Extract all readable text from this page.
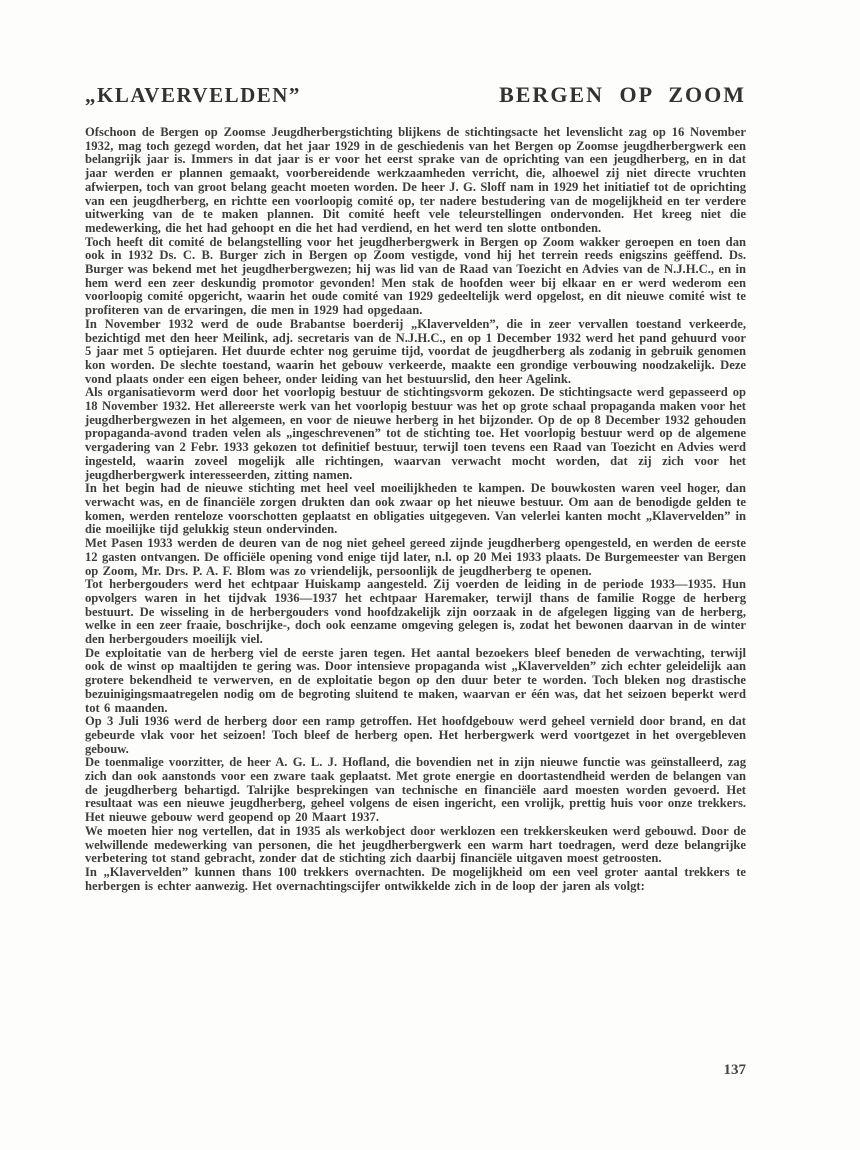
„KLAVERVELDEN”	BERGEN OP ZOOM

Ofschoon de Bergen op Zoomse Jeugdherbergstichting blijkens de stichtingsacte het levenslicht zag op 16 November 1932, mag toch gezegd worden, dat het jaar 1929 in de geschiedenis van het Bergen op Zoomse jeugdherbergwerk een belangrijk jaar is. Immers in dat jaar is er voor het eerst sprake van de oprichting van een jeugdherberg, en in dat jaar werden er plannen gemaakt, voorbereidende werkzaamheden verricht, die, alhoewel zij niet directe vruchten afwierpen, toch van groot belang geacht moeten worden. De heer J. G. Sloff nam in 1929 het initiatief tot de oprichting van een jeugdherberg, en richtte een voorloopig comité op, ter nadere bestudering van de mogelijkheid en ter verdere uitwerking van de te maken plannen. Dit comité heeft vele teleurstellingen ondervonden. Het kreeg niet die medewerking, die het had gehoopt en die het had verdiend, en het werd ten slotte ontbonden.

Toch heeft dit comité de belangstelling voor het jeugdherbergwerk in Bergen op Zoom wakker geroepen en toen dan ook in 1932 Ds. C. B. Burger zich in Bergen op Zoom vestigde, vond hij het terrein reeds enigszins geëffend. Ds. Burger was bekend met het jeugdherbergwezen; hij was lid van de Raad van Toezicht en Advies van de N.J.H.C., en in hem werd een zeer deskundig promotor gevonden! Men stak de hoofden weer bij elkaar en er werd wederom een voorloopig comité opgericht, waarin het oude comité van 1929 gedeeltelijk werd opgelost, en dit nieuwe comité wist te profiteren van de ervaringen, die men in 1929 had opgedaan.

In November 1932 werd de oude Brabantse boerderij „Klavervelden”, die in zeer vervallen toestand verkeerde, bezichtigd met den heer Meilink, adj. secretaris van de N.J.H.C., en op 1 December 1932 werd het pand gehuurd voor 5 jaar met 5 optiejaren. Het duurde echter nog geruime tijd, voordat de jeugdherberg als zodanig in gebruik genomen kon worden. De slechte toestand, waarin het gebouw verkeerde, maakte een grondige verbouwing noodzakelijk. Deze vond plaats onder een eigen beheer, onder leiding van het bestuurslid, den heer Agelink.

Als organisatievorm werd door het voorlopig bestuur de stichtingsvorm gekozen. De stichtingsacte werd gepasseerd op 18 November 1932. Het allereerste werk van het voorlopig bestuur was het op grote schaal propaganda maken voor het jeugdherbergwezen in het algemeen, en voor de nieuwe herberg in het bijzonder. Op de op 8 December 1932 gehouden propaganda-avond traden velen als „ingeschrevenen” tot de stichting toe. Het voorlopig bestuur werd op de algemene vergadering van 2 Febr. 1933 gekozen tot definitief bestuur, terwijl toen tevens een Raad van Toezicht en Advies werd ingesteld, waarin zoveel mogelijk alle richtingen, waarvan verwacht mocht worden, dat zij zich voor het jeugdherbergwerk interesseerden, zitting namen.

In het begin had de nieuwe stichting met heel veel moeilijkheden te kampen. De bouwkosten waren veel hoger, dan verwacht was, en de financiële zorgen drukten dan ook zwaar op het nieuwe bestuur. Om aan de benodigde gelden te komen, werden renteloze voorschotten geplaatst en obligaties uitgegeven. Van velerlei kanten mocht „Klavervelden” in die moeilijke tijd gelukkig steun ondervinden.

Met Pasen 1933 werden de deuren van de nog niet geheel gereed zijnde jeugdherberg opengesteld, en werden de eerste 12 gasten ontvangen. De officiële opening vond enige tijd later, n.l. op 20 Mei 1933 plaats. De Burgemeester van Bergen op Zoom, Mr. Drs. P. A. F. Blom was zo vriendelijk, persoonlijk de jeugdherberg te openen.

Tot herbergouders werd het echtpaar Huiskamp aangesteld. Zij voerden de leiding in de periode 1933—1935. Hun opvolgers waren in het tijdvak 1936—1937 het echtpaar Haremaker, terwijl thans de familie Rogge de herberg bestuurt. De wisseling in de herbergouders vond hoofdzakelijk zijn oorzaak in de afgelegen ligging van de herberg, welke in een zeer fraaie, boschrijke-, doch ook eenzame omgeving gelegen is, zodat het bewonen daarvan in de winter den herbergouders moeilijk viel.

De exploitatie van de herberg viel de eerste jaren tegen. Het aantal bezoekers bleef beneden de verwachting, terwijl ook de winst op maaltijden te gering was. Door intensieve propaganda wist „Klavervelden” zich echter geleidelijk aan grotere bekendheid te verwerven, en de exploitatie begon op den duur beter te worden. Toch bleken nog drastische bezuinigingsmaatregelen nodig om de begroting sluitend te maken, waarvan er één was, dat het seizoen beperkt werd tot 6 maanden.

Op 3 Juli 1936 werd de herberg door een ramp getroffen. Het hoofdgebouw werd geheel vernield door brand, en dat gebeurde vlak voor het seizoen! Toch bleef de herberg open. Het herbergwerk werd voortgezet in het overgebleven gebouw.

De toenmalige voorzitter, de heer A. G. L. J. Hofland, die bovendien net in zijn nieuwe functie was geïnstalleerd, zag zich dan ook aanstonds voor een zware taak geplaatst. Met grote energie en doortastendheid werden de belangen van de jeugdherberg behartigd. Talrijke besprekingen van technische en financiële aard moesten worden gevoerd. Het resultaat was een nieuwe jeugdherberg, geheel volgens de eisen ingericht, een vrolijk, prettig huis voor onze trekkers. Het nieuwe gebouw werd geopend op 20 Maart 1937.

We moeten hier nog vertellen, dat in 1935 als werkobject door werklozen een trekkerskeuken werd gebouwd. Door de welwillende medewerking van personen, die het jeugdherbergwerk een warm hart toedragen, werd deze belangrijke verbetering tot stand gebracht, zonder dat de stichting zich daarbij financiële uitgaven moest getroosten.

In „Klavervelden” kunnen thans 100 trekkers overnachten. De mogelijkheid om een veel groter aantal trekkers te herbergen is echter aanwezig. Het overnachtingscijfer ontwikkelde zich in de loop der jaren als volgt:

137
